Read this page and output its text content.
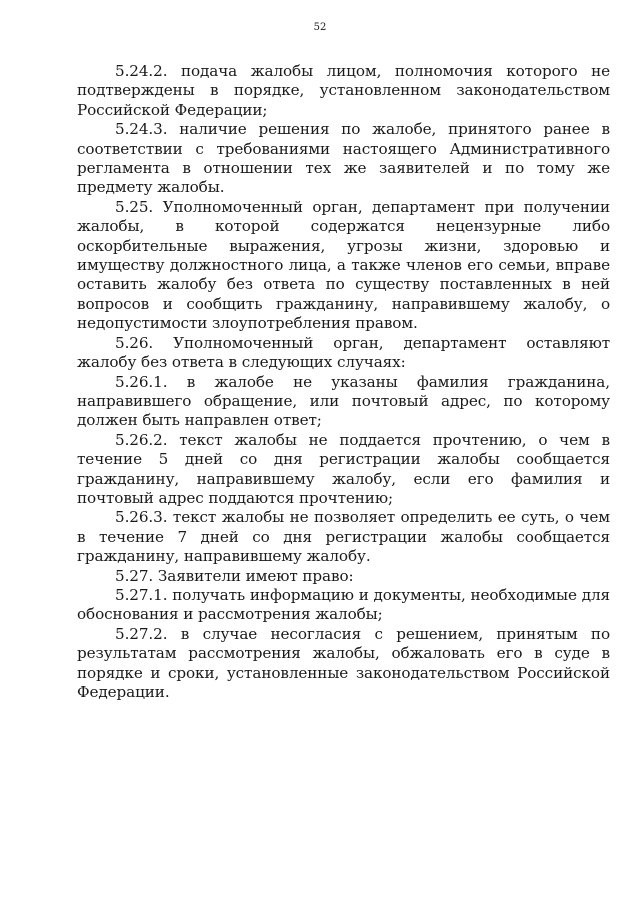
52

5.24.2. подача жалобы лицом, полномочия которого не подтверждены в порядке, установленном законодательством Российской Федерации;

5.24.3. наличие решения по жалобе, принятого ранее в соответствии с требованиями настоящего Административного регламента в отношении тех же заявителей и по тому же предмету жалобы.

5.25. Уполномоченный орган, департамент при получении жалобы, в которой содержатся нецензурные либо оскорбительные выражения, угрозы жизни, здоровью и имуществу должностного лица, а также членов его семьи, вправе оставить жалобу без ответа по существу поставленных в ней вопросов и сообщить гражданину, направившему жалобу, о недопустимости злоупотребления правом.

5.26. Уполномоченный орган, департамент оставляют жалобу без ответа в следующих случаях:

5.26.1. в жалобе не указаны фамилия гражданина, направившего обращение, или почтовый адрес, по которому должен быть направлен ответ;

5.26.2. текст жалобы не поддается прочтению, о чем в течение 5 дней со дня регистрации жалобы сообщается гражданину, направившему жалобу, если его фамилия и почтовый адрес поддаются прочтению;

5.26.3. текст жалобы не позволяет определить ее суть, о чем в течение 7 дней со дня регистрации жалобы сообщается гражданину, направившему жалобу.

5.27. Заявители имеют право:

5.27.1. получать информацию и документы, необходимые для обоснования и рассмотрения жалобы;

5.27.2. в случае несогласия с решением, принятым по результатам рассмотрения жалобы, обжаловать его в суде в порядке и сроки, установленные законодательством Российской Федерации.
